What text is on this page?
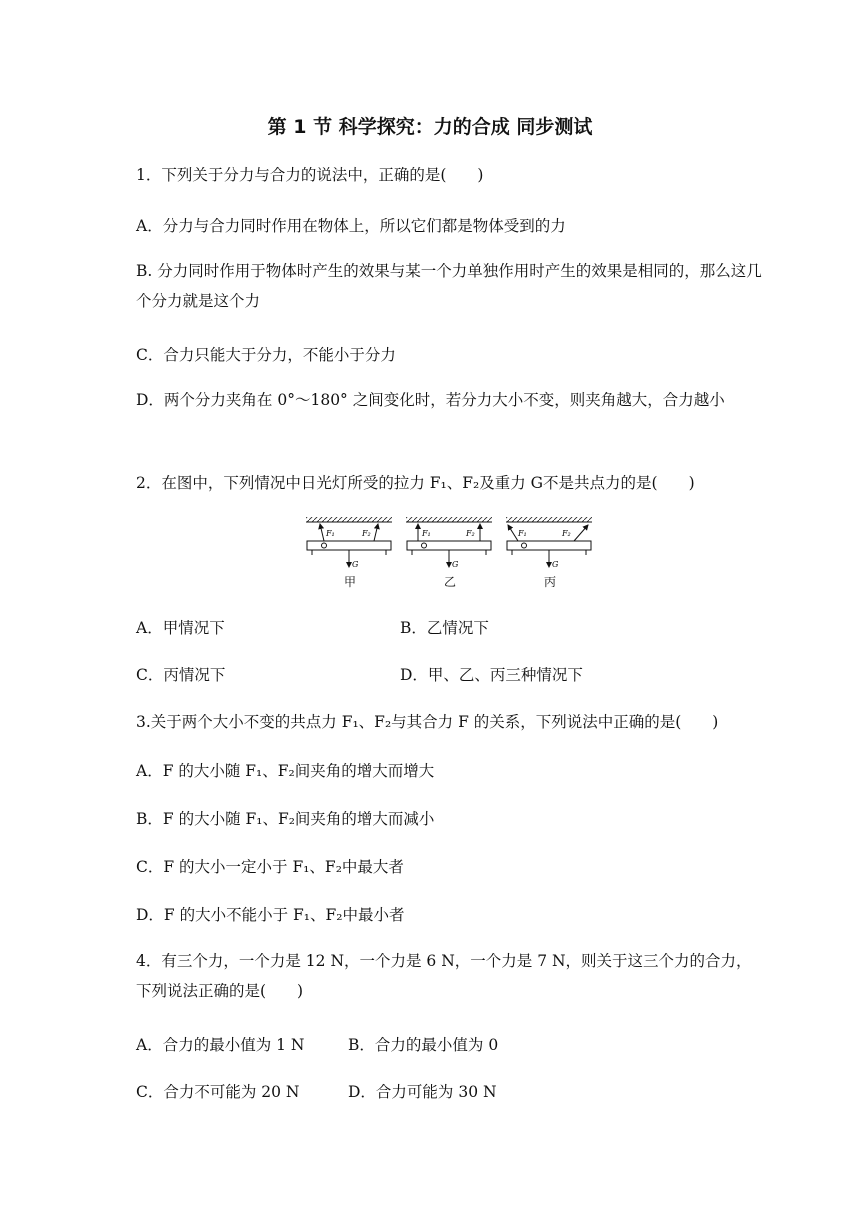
第 1 节 科学探究：力的合成 同步测试
1．下列关于分力与合力的说法中，正确的是(　　)
A．分力与合力同时作用在物体上，所以它们都是物体受到的力
B. 分力同时作用于物体时产生的效果与某一个力单独作用时产生的效果是相同的，那么这几个分力就是这个力
C．合力只能大于分力，不能小于分力
D．两个分力夹角在 0°～180° 之间变化时，若分力大小不变，则夹角越大，合力越小
2．在图中，下列情况中日光灯所受的拉力 F₁、F₂及重力 G不是共点力的是(　　)
F₁	F₂
G
F₁	F₂
G
F₁	F₂
G
甲	乙	丙
A．甲情况下	B．乙情况下
C．丙情况下	D．甲、乙、丙三种情况下
3.关于两个大小不变的共点力 F₁、F₂与其合力 F 的关系，下列说法中正确的是(　　)
A．F 的大小随 F₁、F₂间夹角的增大而增大
B．F 的大小随 F₁、F₂间夹角的增大而减小
C．F 的大小一定小于 F₁、F₂中最大者
D．F 的大小不能小于 F₁、F₂中最小者
4．有三个力，一个力是 12 N，一个力是 6 N，一个力是 7 N，则关于这三个力的合力，下列说法正确的是(　　)
A．合力的最小值为 1 N	B．合力的最小值为 0
C．合力不可能为 20 N	D．合力可能为 30 N
